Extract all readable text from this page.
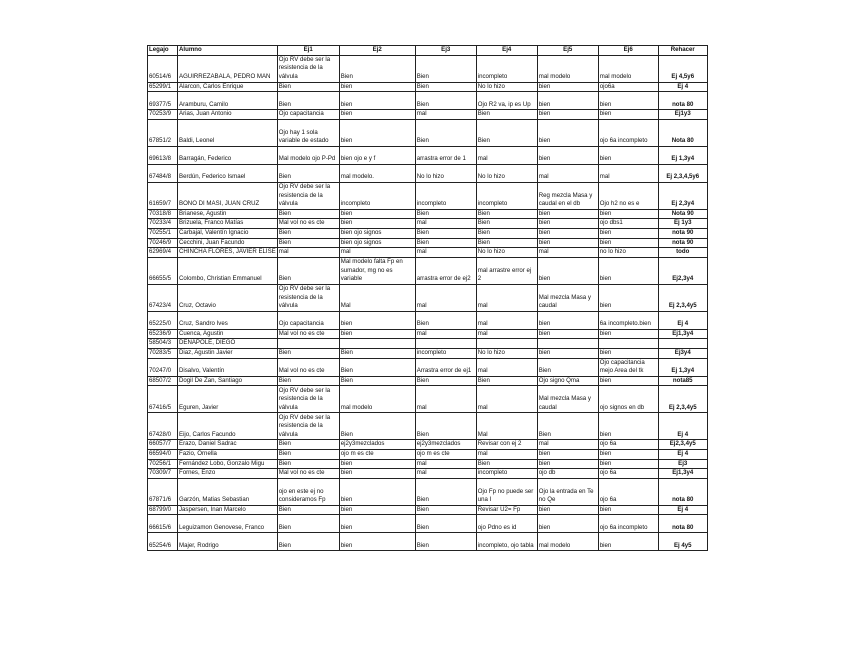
Legajo	Alumno	Ej1	Ej2	Ej3	Ej4	Ej5	Ej6	Rehacer
60514/6	AGUIRREZABALA, PEDRO MAN	Ojo RV debe ser la resistencia de la válvula	Bien	Bien	incompleto	mal modelo	mal modelo	Ej 4,5y6
65299/1	Alarcon, Carlos Enrique	Bien	bien	Bien	No lo hizo	bien	ojo6a	Ej 4
69377/5	Aramburu, Camilo	Bien	bien	Bien	Ojo R2 va, ip es Up	bien	bien	nota 80
70253/9	Arias, Juan Antonio	Ojo capacitancia	bien	mal	Bien	bien	bien	Ej1y3
67851/2	Baldi, Leonel	Ojo hay 1 sola variable de estado	bien	Bien	Bien	bien	ojo 6a incompleto	Nota 80
69613/8	Barragán, Federico	Mal modelo ojo P-Pd	bien ojo e y f	arrastra error de 1	mal	bien	bien	Ej 1,3y4
67484/8	Berdún, Federico Ismael	Bien	mal modelo.	No lo hizo	No lo hizo	mal	mal	Ej 2,3,4,5y6
61659/7	BONO DI MASI, JUAN CRUZ	Ojo RV debe ser la resistencia de la válvula	incompleto	incompleto	incompleto	Reg mezcla Masa y caudal en el db	Ojo h2 no es e	Ej 2,3y4
70318/8	Brianese, Agustin	Bien	bien	Bien	Bien	bien	bien	Nota 90
70233/4	Brizuela, Franco Matías	Mal vol no es cte	bien	mal	Bien	bien	ojo dbs1	Ej 1y3
70255/1	Carbajal, Valentín Ignacio	Bien	bien ojo signos	Bien	Bien	bien	bien	nota 90
70246/9	Cecchini, Juan Facundo	Bien	bien ojo signos	Bien	Bien	bien	bien	nota 90
62969/4	CHINCHA FLORES, JAVIER ELISE	mal	mal	mal	No lo hizo	mal	no lo hizo	todo
66655/5	Colombo, Christian Emmanuel	Bien	Mal modelo falta Fp en sumador, mg no es variable	arrastra error de ej2	mal arrastre error ej 2	bien	bien	Ej2,3y4
67423/4	Cruz, Octavio	Ojo RV debe ser la resistencia de la válvula	Mal	mal	mal	Mal mezcla Masa y caudal	bien	Ej 2,3,4y5
65225/0	Cruz, Sandro Ives	Ojo capacitancia	bien	Bien	mal	bien	6a incompleto.bien	Ej 4
65236/9	Cuenca, Agustin	Mal vol no es cte	bien	mal	mal	bien	bien	Ej1,3y4
58504/3	DENÁPOLE, DIEGO							
70283/5	Diaz, Agustin Javier	Bien	Bien	incompleto	No lo hizo	bien	bien	Ej3y4
70247/0	Disalvo, Valentín	Mal vol no es cte	Bien	Arrastra error de ej1	mal	Bien	Ojo capacitancia mejo Area del tk	Ej 1,3y4
68507/2	Dogil De Zan, Santiago	Bien	Bien	Bien	Bien	Ojo signo Qma	bien	nota85
67416/5	Eguren, Javier	Ojo RV debe ser la resistencia de la válvula	mal modelo	mal	mal	Mal mezcla Masa y caudal	ojo signos en db	Ej 2,3,4y5
67428/0	Eijo, Carlos Facundo	Ojo RV debe ser la resistencia de la válvula	Bien	Bien	Mal	Bien	bien	Ej 4
66057/7	Erazo, Daniel Sadrac	Bien	ej2y3mezclados	ej2y3mezclados	Revisar con ej 2	mal	ojo 6a	Ej2,3,4y5
66594/0	Fazio, Ornella	Bien	ojo m es cte	ojo m es cte	mal	bien	bien	Ej 4
70256/1	Fernández Lobo, Gonzalo Migu	Bien	bien	mal	Bien	bien	bien	Ej3
70309/7	Fornes, Enzo	Mal vol no es cte	bien	mal	incompleto	ojo db	ojo 6a	Ej1,3y4
67871/6	Garzón, Matias Sebastian	ojo en este ej no consideramos Fp	bien	Bien	Ojo Fp no puede ser una I	Ojo la entrada en Te no Qe	ojo 6a	nota 80
68799/0	Jaspersen, Inan Marcelo	Bien	bien	Bien	Revisar U2= Fp	bien	bien	Ej 4
66615/6	Leguizamon Genovese, Franco	Bien	bien	Bien	ojo Pdno es id	bien	ojo 6a incompleto	nota 80
65254/6	Majer, Rodrigo	Bien	bien	Bien	incompleto, ojo tabla	mal modelo	bien	Ej 4y5
